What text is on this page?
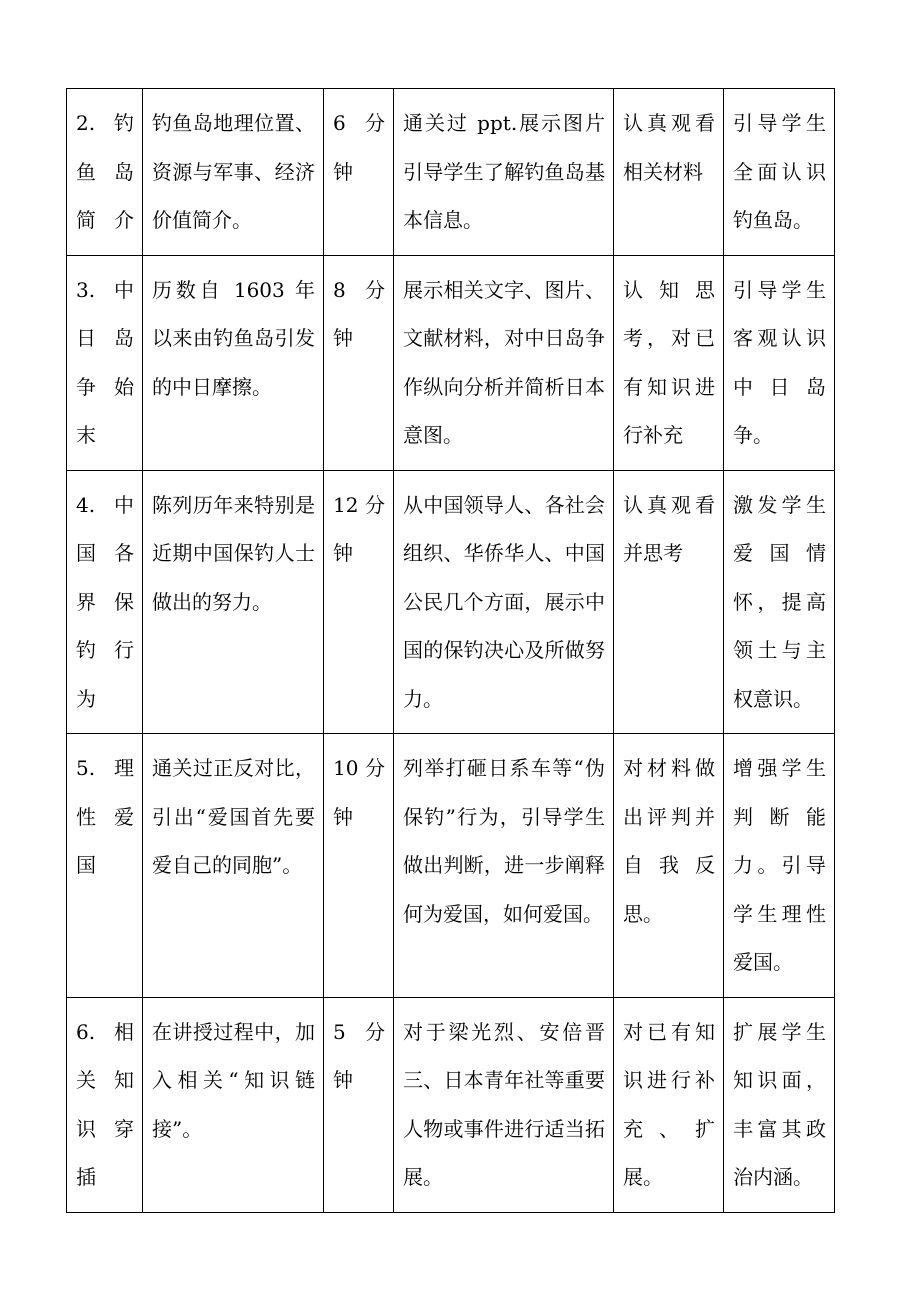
2.钓鱼岛简介	钓鱼岛地理位置、资源与军事、经济价值简介。	6 分钟	通关过 ppt.展示图片引导学生了解钓鱼岛基本信息。	认真观看相关材料	引导学生全面认识钓鱼岛。
3.中日岛争始末	历数自 1603 年以来由钓鱼岛引发的中日摩擦。	8 分钟	展示相关文字、图片、文献材料，对中日岛争作纵向分析并简析日本意图。	认知思考，对已有知识进行补充	引导学生客观认识中日岛争。
4.中国各界保钓行为	陈列历年来特别是近期中国保钓人士做出的努力。	12 分钟	从中国领导人、各社会组织、华侨华人、中国公民几个方面，展示中国的保钓决心及所做努力。	认真观看并思考	激发学生爱国情怀，提高领土与主权意识。
5.理性爱国	通关过正反对比，引出“爱国首先要爱自己的同胞”。	10 分钟	列举打砸日系车等“伪保钓”行为，引导学生做出判断，进一步阐释何为爱国，如何爱国。	对材料做出评判并自我反思。	增强学生判断能力。引导学生理性爱国。
6.相关知识穿插	在讲授过程中，加入相关“知识链接”。	5 分钟	对于梁光烈、安倍晋三、日本青年社等重要人物或事件进行适当拓展。	对已有知识进行补充、扩展。	扩展学生知识面，丰富其政治内涵。
